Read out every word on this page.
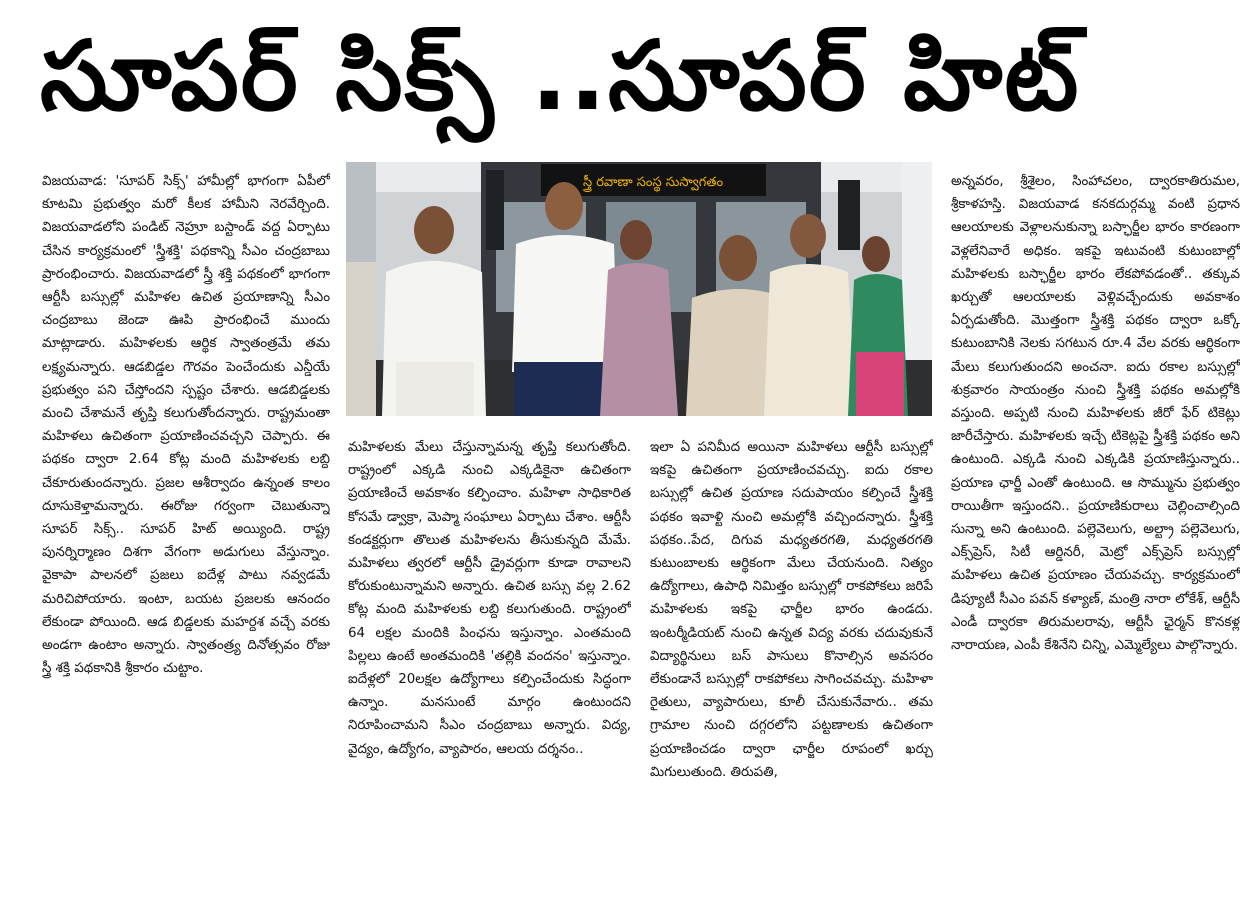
సూపర్ సిక్స్ ..సూపర్ హిట్
విజయవాడ: 'సూపర్ సిక్స్' హామీల్లో భాగంగా ఏపీలో కూటమి ప్రభుత్వం మరో కీలక హామీని నెరవేర్చింది. విజయవాడలోని పండిట్ నెహ్రూ బస్టాండ్ వద్ద ఏర్పాటు చేసిన కార్యక్రమంలో 'స్త్రీశక్తి' పథకాన్ని సీఎం చంద్రబాబు ప్రారంభించారు. విజయవాడలో స్త్రీ శక్తి పథకంలో భాగంగా ఆర్టీసీ బస్సుల్లో మహిళల ఉచిత ప్రయాణాన్ని సీఎం చంద్రబాబు జెండా ఊపి ప్రారంభించే ముందు మాట్లాడారు. మహిళలకు ఆర్థిక స్వాతంత్రమే తమ లక్ష్యమన్నారు. ఆడబిడ్డల గౌరవం పెంచేందుకు ఎన్డీయే ప్రభుత్వం పని చేస్తోందని స్పష్టం చేశారు. ఆడబిడ్డలకు మంచి చేశామనే తృప్తి కలుగుతోందన్నారు. రాష్ట్రమంతా మహిళలు ఉచితంగా ప్రయాణించవచ్చని చెప్పారు. ఈ పథకం ద్వారా 2.64 కోట్ల మంది మహిళలకు లబ్ది చేకూరుతుందన్నారు. ప్రజల ఆశీర్వాదం ఉన్నంత కాలం దూసుకెళ్తామన్నారు. ఈరోజు గర్వంగా చెబుతున్నా సూపర్ సిక్స్.. సూపర్ హిట్ అయ్యింది. రాష్ట్ర పునర్నిర్మాణం దిశగా వేగంగా అడుగులు వేస్తున్నాం. వైకాపా పాలనలో ప్రజలు ఐదేళ్ల పాటు నవ్వడమే మరిచిపోయారు. ఇంటా, బయట ప్రజలకు ఆనందం లేకుండా పోయింది. ఆడ బిడ్డలకు మహర్దశ వచ్చే వరకు అండగా ఉంటాం అన్నారు. స్వాతంత్ర్య దినోత్సవం రోజు స్త్రీ శక్తి పథకానికి శ్రీకారం చుట్టాం.
స్త్రీ రవాణా సంస్థ సుస్వాగతం
మహిళలకు మేలు చేస్తున్నామన్న తృప్తి కలుగుతోంది. రాష్ట్రంలో ఎక్కడి నుంచి ఎక్కడికైనా ఉచితంగా ప్రయాణించే అవకాశం కల్పించాం. మహిళా సాధికారిత కోసమే డ్వాక్రా, మెప్మా సంఘాలు ఏర్పాటు చేశాం. ఆర్టీసీ కండక్టర్లుగా తొలుత మహిళలను తీసుకున్నది మేమే. మహిళలు త్వరలో ఆర్టీసీ డ్రైవర్లుగా కూడా రావాలని కోరుకుంటున్నామని అన్నారు. ఉచిత బస్సు వల్ల 2.62 కోట్ల మంది మహిళలకు లబ్ది కలుగుతుంది. రాష్ట్రంలో 64 లక్షల మందికి పింఛను ఇస్తున్నాం. ఎంతమంది పిల్లలు ఉంటే అంతమందికి 'తల్లికి వందనం' ఇస్తున్నాం. ఐదేళ్లలో 20లక్షల ఉద్యోగాలు కల్పించేందుకు సిద్ధంగా ఉన్నాం. మనసుంటే మార్గం ఉంటుందని నిరూపించామని సీఎం చంద్రబాబు అన్నారు. విద్య, వైద్యం, ఉద్యోగం, వ్యాపారం, ఆలయ దర్శనం..
ఇలా ఏ పనిమీద అయినా మహిళలు ఆర్టీసీ బస్సుల్లో ఇకపై ఉచితంగా ప్రయాణించవచ్చు. ఐదు రకాల బస్సుల్లో ఉచిత ప్రయాణ సదుపాయం కల్పించే స్త్రీశక్తి పథకం ఇవాళ్టి నుంచి అమల్లోకి వచ్చిందన్నారు. స్త్రీశక్తి పథకం..పేద, దిగువ మధ్యతరగతి, మధ్యతరగతి కుటుంబాలకు ఆర్థికంగా మేలు చేయనుంది. నిత్యం ఉద్యోగాలు, ఉపాధి నిమిత్తం బస్సుల్లో రాకపోకలు జరిపే మహిళలకు ఇకపై ఛార్జీల భారం ఉండదు. ఇంటర్మీడియట్ నుంచి ఉన్నత విద్య వరకు చదువుకునే విద్యార్థినులు బస్ పాసులు కొనాల్సిన అవసరం లేకుండానే బస్సుల్లో రాకపోకలు సాగించవచ్చు. మహిళా రైతులు, వ్యాపారులు, కూలీ చేసుకునేవారు.. తమ గ్రామాల నుంచి దగ్గరలోని పట్టణాలకు ఉచితంగా ప్రయాణించడం ద్వారా ఛార్జీల రూపంలో ఖర్చు మిగులుతుంది. తిరుపతి,
అన్నవరం, శ్రీశైలం, సింహాచలం, ద్వారకాతిరుమల, శ్రీకాళహస్తి. విజయవాడ కనకదుర్గమ్మ వంటి ప్రధాన ఆలయాలకు వెళ్లాలనుకున్నా బస్ఛార్జీల భారం కారణంగా వెళ్లలేనివారే అధికం. ఇకపై ఇటువంటి కుటుంబాల్లో మహిళలకు బస్ఛార్జీల భారం లేకపోవడంతో.. తక్కువ ఖర్చుతో ఆలయాలకు వెళ్లివచ్చేందుకు అవకాశం ఏర్పడుతోంది. మొత్తంగా స్త్రీశక్తి పథకం ద్వారా ఒక్కో కుటుంబానికి నెలకు సగటున రూ.4 వేల వరకు ఆర్థికంగా మేలు కలుగుతుందని అంచనా. ఐదు రకాల బస్సుల్లో శుక్రవారం సాయంత్రం నుంచి స్త్రీశక్తి పథకం అమల్లోకి వస్తుంది. అప్పటి నుంచి మహిళలకు జీరో ఫేర్ టికెట్లు జారీచేస్తారు. మహిళలకు ఇచ్చే టికెట్లపై స్త్రీశక్తి పథకం అని ఉంటుంది. ఎక్కడి నుంచి ఎక్కడికి ప్రయాణిస్తున్నారు.. ప్రయాణ ఛార్జీ ఎంతో ఉంటుంది. ఆ సొమ్మును ప్రభుత్వం రాయితీగా ఇస్తుందని.. ప్రయాణికురాలు చెల్లించాల్సింది సున్నా అని ఉంటుంది. పల్లెవెలుగు, అల్ట్రా పల్లెవెలుగు, ఎక్స్‌ప్రెస్, సిటీ ఆర్డినరీ, మెట్రో ఎక్స్‌ప్రెస్ బస్సుల్లో మహిళలు ఉచిత ప్రయాణం చేయవచ్చు. కార్యక్రమంలో డిప్యూటీ సీఎం పవన్ కళ్యాణ్, మంత్రి నారా లోకేశ్, ఆర్టీసీ ఎండీ ద్వారకా తిరుమలరావు, ఆర్టీసీ ఛైర్మన్ కొనకళ్ల నారాయణ, ఎంపీ కేశినేని చిన్ని, ఎమ్మెల్యేలు పాల్గొన్నారు.
